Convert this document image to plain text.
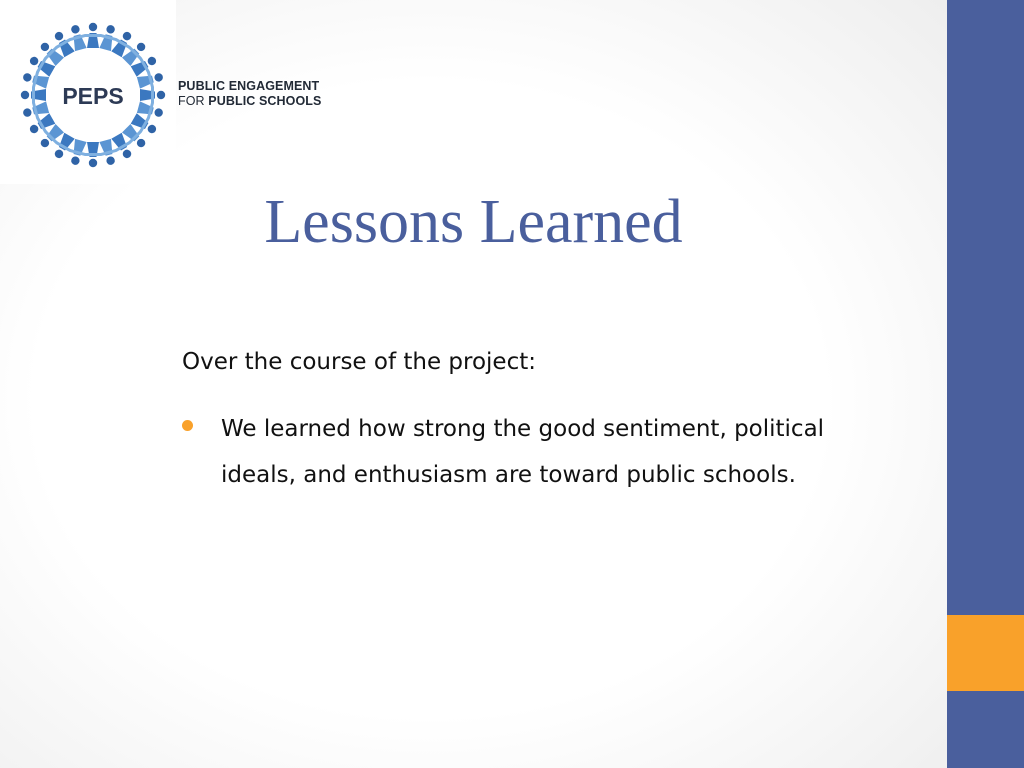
PEPS	PUBLIC ENGAGEMENT
FOR PUBLIC SCHOOLS
Lessons Learned
Over the course of the project:
We learned how strong the good sentiment, political ideals, and enthusiasm are toward public schools.
